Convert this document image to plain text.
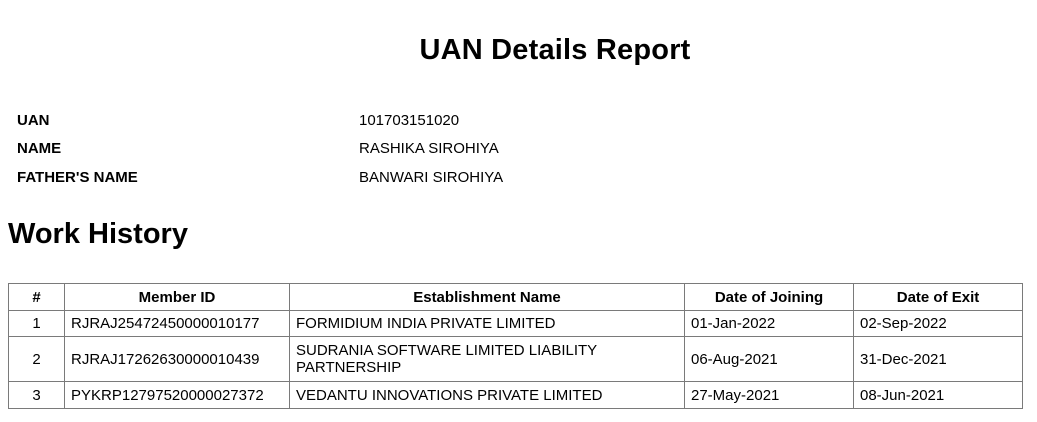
UAN Details Report
UAN	101703151020
NAME	RASHIKA SIROHIYA
FATHER'S NAME	BANWARI SIROHIYA
Work History
#	Member ID	Establishment Name	Date of Joining	Date of Exit
1	RJRAJ25472450000010177	FORMIDIUM INDIA PRIVATE LIMITED	01-Jan-2022	02-Sep-2022
2	RJRAJ17262630000010439	SUDRANIA SOFTWARE LIMITED LIABILITY PARTNERSHIP	06-Aug-2021	31-Dec-2021
3	PYKRP12797520000027372	VEDANTU INNOVATIONS PRIVATE LIMITED	27-May-2021	08-Jun-2021
